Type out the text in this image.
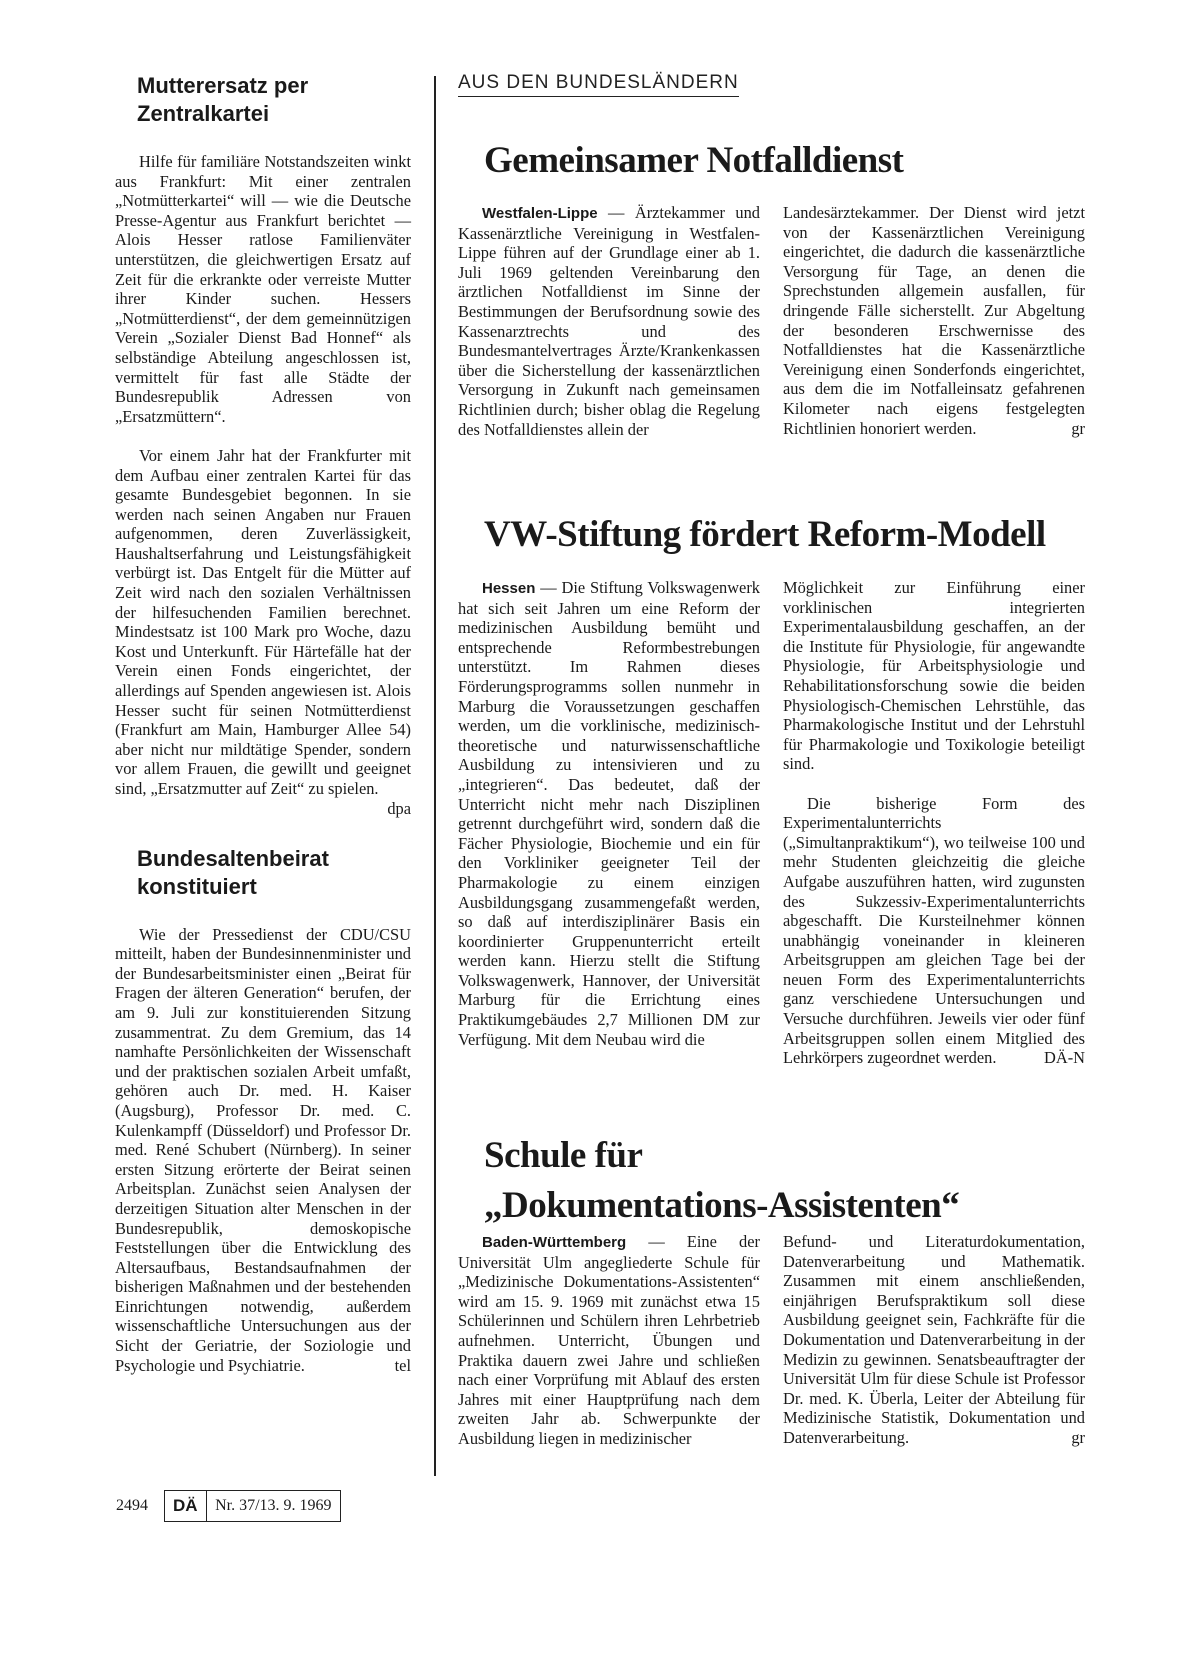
Mutterersatz per Zentralkartei

Hilfe für familiäre Notstandszeiten winkt aus Frankfurt: Mit einer zentralen „Notmütterkartei“ will — wie die Deutsche Presse-Agentur aus Frankfurt berichtet — Alois Hesser ratlose Familienväter unterstützen, die gleichwertigen Ersatz auf Zeit für die erkrankte oder verreiste Mutter ihrer Kinder suchen. Hessers „Notmütterdienst“, der dem gemeinnützigen Verein „Sozialer Dienst Bad Honnef“ als selbständige Abteilung angeschlossen ist, vermittelt für fast alle Städte der Bundesrepublik Adressen von „Ersatzmüttern“.

Vor einem Jahr hat der Frankfurter mit dem Aufbau einer zentralen Kartei für das gesamte Bundesgebiet begonnen. In sie werden nach seinen Angaben nur Frauen aufgenommen, deren Zuverlässigkeit, Haushaltserfahrung und Leistungsfähigkeit verbürgt ist. Das Entgelt für die Mütter auf Zeit wird nach den sozialen Verhältnissen der hilfesuchenden Familien berechnet. Mindestsatz ist 100 Mark pro Woche, dazu Kost und Unterkunft. Für Härtefälle hat der Verein einen Fonds eingerichtet, der allerdings auf Spenden angewiesen ist. Alois Hesser sucht für seinen Notmütterdienst (Frankfurt am Main, Hamburger Allee 54) aber nicht nur mildtätige Spender, sondern vor allem Frauen, die gewillt und geeignet sind, „Ersatzmutter auf Zeit“ zu spielen.
dpa

Bundesaltenbeirat konstituiert

Wie der Pressedienst der CDU/CSU mitteilt, haben der Bundesinnenminister und der Bundesarbeitsminister einen „Beirat für Fragen der älteren Generation“ berufen, der am 9. Juli zur konstituierenden Sitzung zusammentrat. Zu dem Gremium, das 14 namhafte Persönlichkeiten der Wissenschaft und der praktischen sozialen Arbeit umfaßt, gehören auch Dr. med. H. Kaiser (Augsburg), Professor Dr. med. C. Kulenkampff (Düsseldorf) und Professor Dr. med. René Schubert (Nürnberg). In seiner ersten Sitzung erörterte der Beirat seinen Arbeitsplan. Zunächst seien Analysen der derzeitigen Situation alter Menschen in der Bundesrepublik, demoskopische Feststellungen über die Entwicklung des Altersaufbaus, Bestandsaufnahmen der bisherigen Maßnahmen und der bestehenden Einrichtungen notwendig, außerdem wissenschaftliche Untersuchungen aus der Sicht der Geriatrie, der Soziologie und Psychologie und Psychiatrie.	tel

AUS DEN BUNDESLÄNDERN
Gemeinsamer Notfalldienst

Westfalen-Lippe — Ärztekammer und Kassenärztliche Vereinigung in Westfalen-Lippe führen auf der Grundlage einer ab 1. Juli 1969 geltenden Vereinbarung den ärztlichen Notfalldienst im Sinne der Bestimmungen der Berufsordnung sowie des Kassenarztrechts und des Bundesmantelvertrages Ärzte/Krankenkassen über die Sicherstellung der kassenärztlichen Versorgung in Zukunft nach gemeinsamen Richtlinien durch; bisher oblag die Regelung des Notfalldienstes allein der

Landesärztekammer. Der Dienst wird jetzt von der Kassenärztlichen Vereinigung eingerichtet, die dadurch die kassenärztliche Versorgung für Tage, an denen die Sprechstunden allgemein ausfallen, für dringende Fälle sicherstellt. Zur Abgeltung der besonderen Erschwernisse des Notfalldienstes hat die Kassenärztliche Vereinigung einen Sonderfonds eingerichtet, aus dem die im Notfalleinsatz gefahrenen Kilometer nach eigens festgelegten Richtlinien honoriert werden.	gr

VW-Stiftung fördert Reform-Modell

Hessen — Die Stiftung Volkswagenwerk hat sich seit Jahren um eine Reform der medizinischen Ausbildung bemüht und entsprechende Reformbestrebungen unterstützt. Im Rahmen dieses Förderungsprogramms sollen nunmehr in Marburg die Voraussetzungen geschaffen werden, um die vorklinische, medizinisch-theoretische und naturwissenschaftliche Ausbildung zu intensivieren und zu „integrieren“. Das bedeutet, daß der Unterricht nicht mehr nach Disziplinen getrennt durchgeführt wird, sondern daß die Fächer Physiologie, Biochemie und ein für den Vorkliniker geeigneter Teil der Pharmakologie zu einem einzigen Ausbildungsgang zusammengefaßt werden, so daß auf interdisziplinärer Basis ein koordinierter Gruppenunterricht erteilt werden kann. Hierzu stellt die Stiftung Volkswagenwerk, Hannover, der Universität Marburg für die Errichtung eines Praktikumgebäudes 2,7 Millionen DM zur Verfügung. Mit dem Neubau wird die

Möglichkeit zur Einführung einer vorklinischen integrierten Experimentalausbildung geschaffen, an der die Institute für Physiologie, für angewandte Physiologie, für Arbeitsphysiologie und Rehabilitationsforschung sowie die beiden Physiologisch-Chemischen Lehrstühle, das Pharmakologische Institut und der Lehrstuhl für Pharmakologie und Toxikologie beteiligt sind.

Die bisherige Form des Experimentalunterrichts („Simultanpraktikum“), wo teilweise 100 und mehr Studenten gleichzeitig die gleiche Aufgabe auszuführen hatten, wird zugunsten des Sukzessiv-Experimentalunterrichts abgeschafft. Die Kursteilnehmer können unabhängig voneinander in kleineren Arbeitsgruppen am gleichen Tage bei der neuen Form des Experimentalunterrichts ganz verschiedene Untersuchungen und Versuche durchführen. Jeweils vier oder fünf Arbeitsgruppen sollen einem Mitglied des Lehrkörpers zugeordnet werden.	DÄ-N

Schule für
„Dokumentations-Assistenten“

Baden-Württemberg — Eine der Universität Ulm angegliederte Schule für „Medizinische Dokumentations-Assistenten“ wird am 15. 9. 1969 mit zunächst etwa 15 Schülerinnen und Schülern ihren Lehrbetrieb aufnehmen. Unterricht, Übungen und Praktika dauern zwei Jahre und schließen nach einer Vorprüfung mit Ablauf des ersten Jahres mit einer Hauptprüfung nach dem zweiten Jahr ab. Schwerpunkte der Ausbildung liegen in medizinischer

Befund- und Literaturdokumentation, Datenverarbeitung und Mathematik. Zusammen mit einem anschließenden, einjährigen Berufspraktikum soll diese Ausbildung geeignet sein, Fachkräfte für die Dokumentation und Datenverarbeitung in der Medizin zu gewinnen. Senatsbeauftragter der Universität Ulm für diese Schule ist Professor Dr. med. K. Überla, Leiter der Abteilung für Medizinische Statistik, Dokumentation und Datenverarbeitung.	gr

2494	DÄ	Nr. 37/13. 9. 1969
